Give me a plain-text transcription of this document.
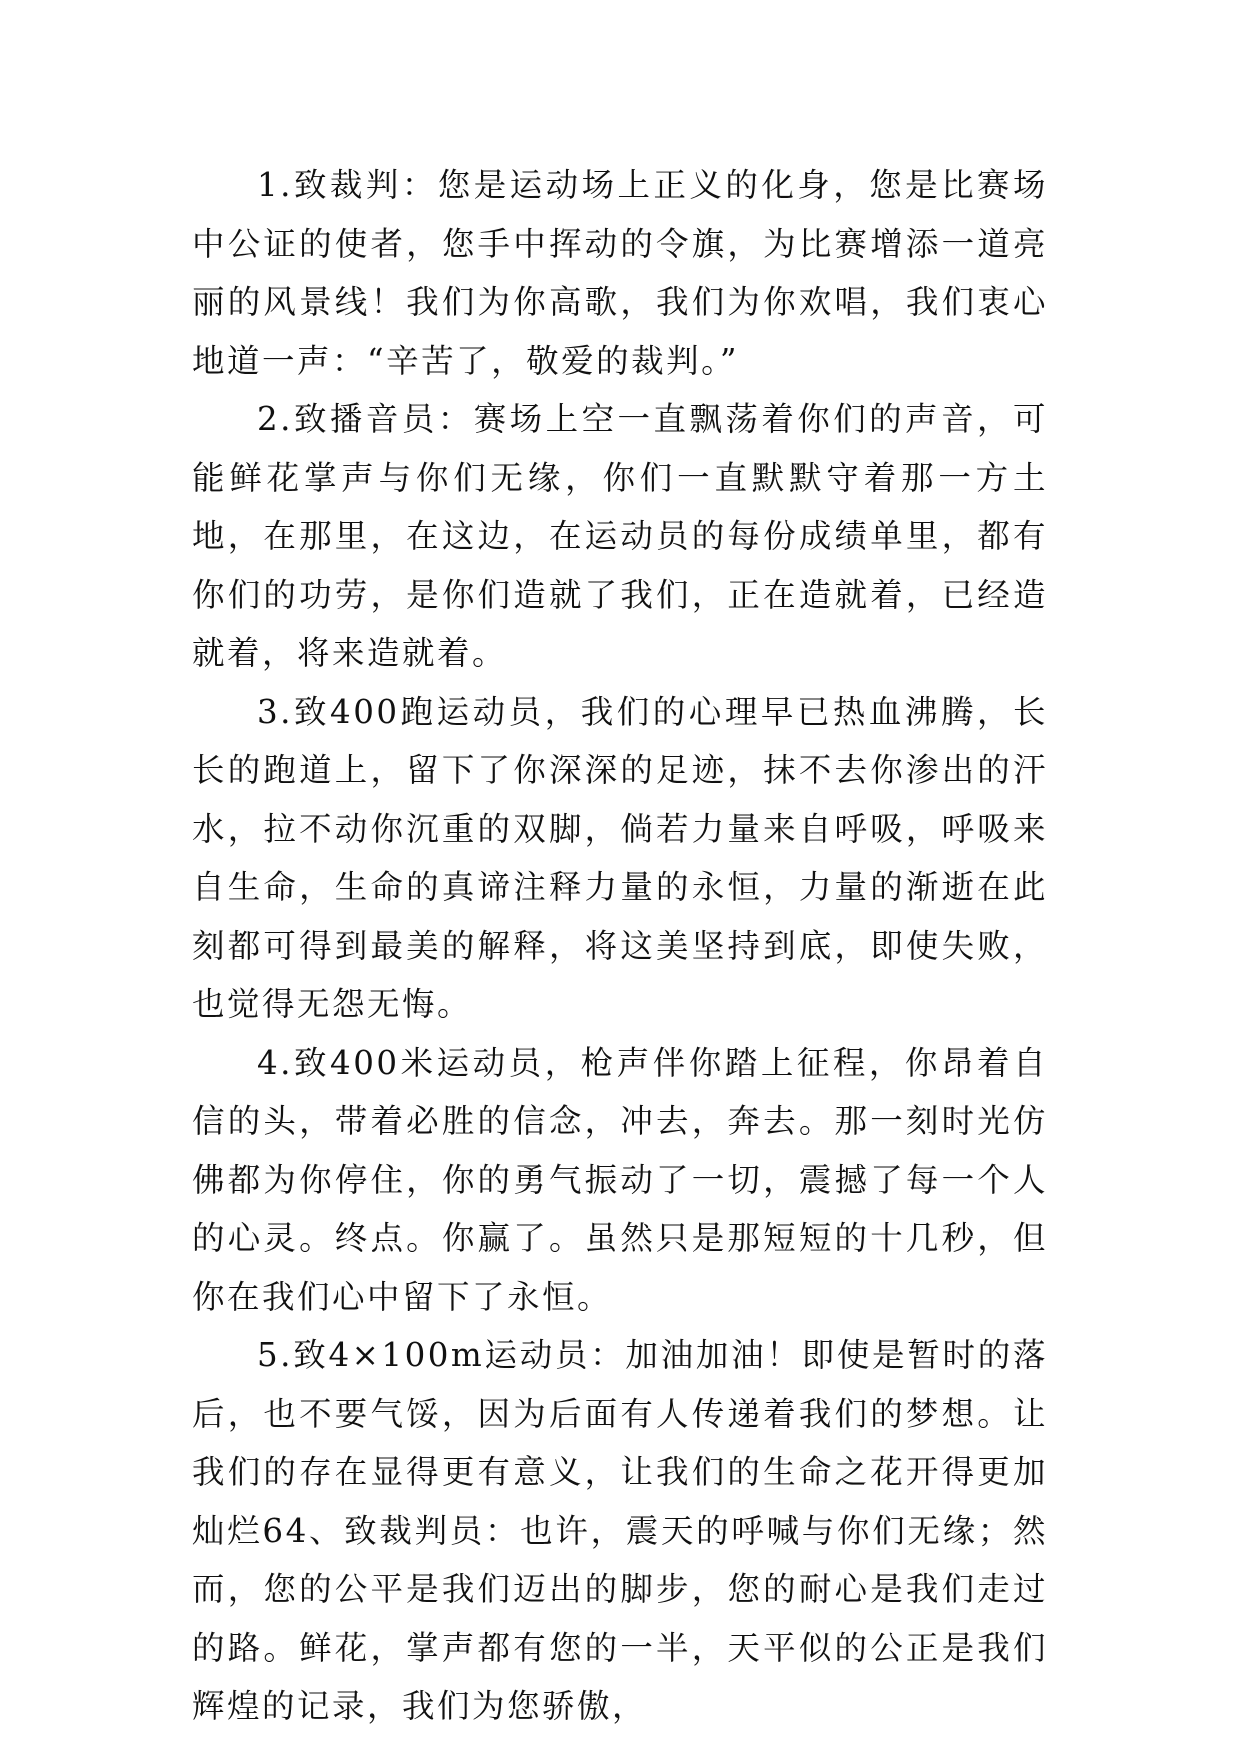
1.致裁判：您是运动场上正义的化身，您是比赛场中公证的使者，您手中挥动的令旗，为比赛增添一道亮丽的风景线！我们为你高歌，我们为你欢唱，我们衷心地道一声：“辛苦了，敬爱的裁判。”

2.致播音员：赛场上空一直飘荡着你们的声音，可能鲜花掌声与你们无缘，你们一直默默守着那一方土地，在那里，在这边，在运动员的每份成绩单里，都有你们的功劳，是你们造就了我们，正在造就着，已经造就着，将来造就着。

3.致400跑运动员，我们的心理早已热血沸腾，长长的跑道上，留下了你深深的足迹，抹不去你渗出的汗水，拉不动你沉重的双脚，倘若力量来自呼吸，呼吸来自生命，生命的真谛注释力量的永恒，力量的渐逝在此刻都可得到最美的解释，将这美坚持到底，即使失败，也觉得无怨无悔。

4.致400米运动员，枪声伴你踏上征程，你昂着自信的头，带着必胜的信念，冲去，奔去。那一刻时光仿佛都为你停住，你的勇气振动了一切，震撼了每一个人的心灵。终点。你赢了。虽然只是那短短的十几秒，但你在我们心中留下了永恒。

5.致4×100m运动员：加油加油！即使是暂时的落后，也不要气馁，因为后面有人传递着我们的梦想。让我们的存在显得更有意义，让我们的生命之花开得更加灿烂64、致裁判员：也许，震天的呼喊与你们无缘；然而，您的公平是我们迈出的脚步，您的耐心是我们走过的路。鲜花，掌声都有您的一半，天平似的公正是我们辉煌的记录，我们为您骄傲，
